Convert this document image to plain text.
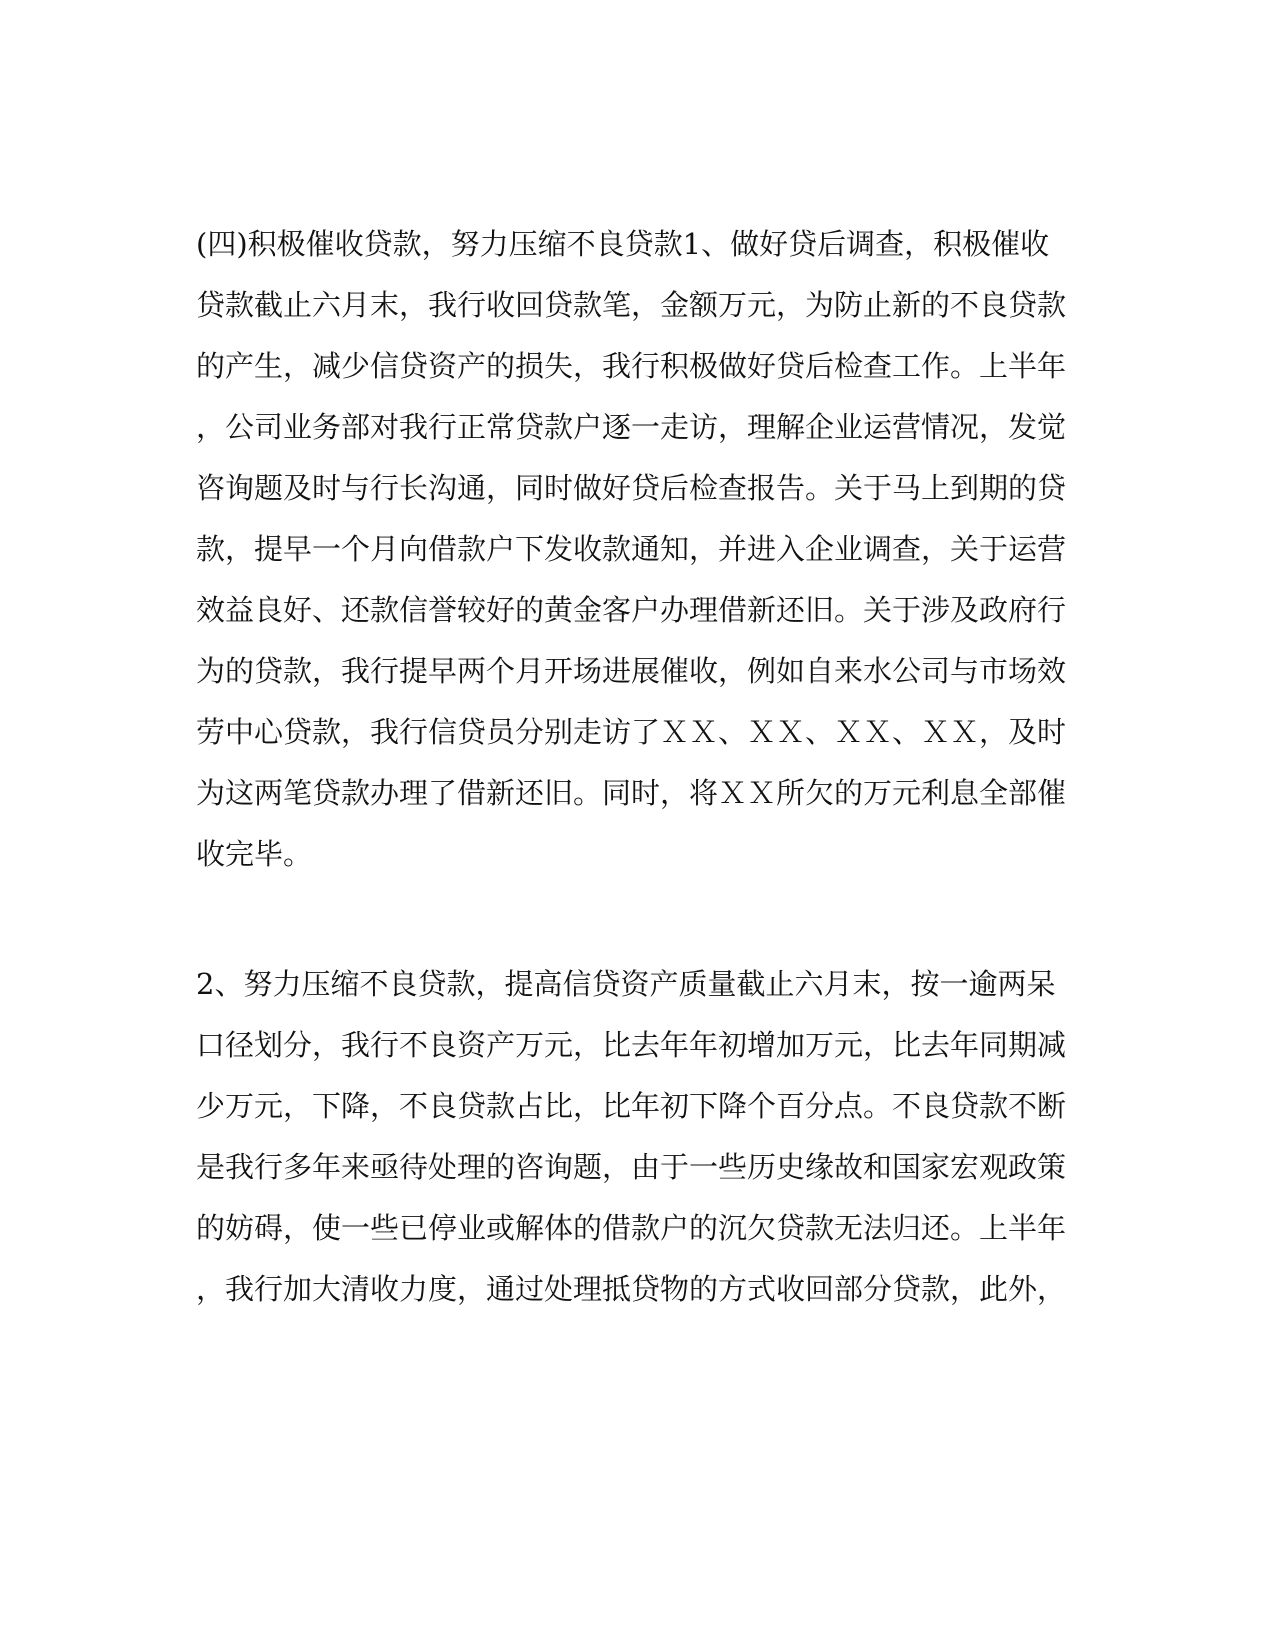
(四)积极催收贷款，努力压缩不良贷款1、做好贷后调查，积极催收

贷款截止六月末，我行收回贷款笔，金额万元，为防止新的不良贷款

的产生，减少信贷资产的损失，我行积极做好贷后检查工作。上半年

，公司业务部对我行正常贷款户逐一走访，理解企业运营情况，发觉

咨询题及时与行长沟通，同时做好贷后检查报告。关于马上到期的贷

款，提早一个月向借款户下发收款通知，并进入企业调查，关于运营

效益良好、还款信誉较好的黄金客户办理借新还旧。关于涉及政府行

为的贷款，我行提早两个月开场进展催收，例如自来水公司与市场效

劳中心贷款，我行信贷员分别走访了ＸＸ、ＸＸ、ＸＸ、ＸＸ，及时

为这两笔贷款办理了借新还旧。同时，将ＸＸ所欠的万元利息全部催

收完毕。

2、努力压缩不良贷款，提高信贷资产质量截止六月末，按一逾两呆

口径划分，我行不良资产万元，比去年年初增加万元，比去年同期减

少万元，下降，不良贷款占比，比年初下降个百分点。不良贷款不断

是我行多年来亟待处理的咨询题，由于一些历史缘故和国家宏观政策

的妨碍，使一些已停业或解体的借款户的沉欠贷款无法归还。上半年

，我行加大清收力度，通过处理抵贷物的方式收回部分贷款，此外，
